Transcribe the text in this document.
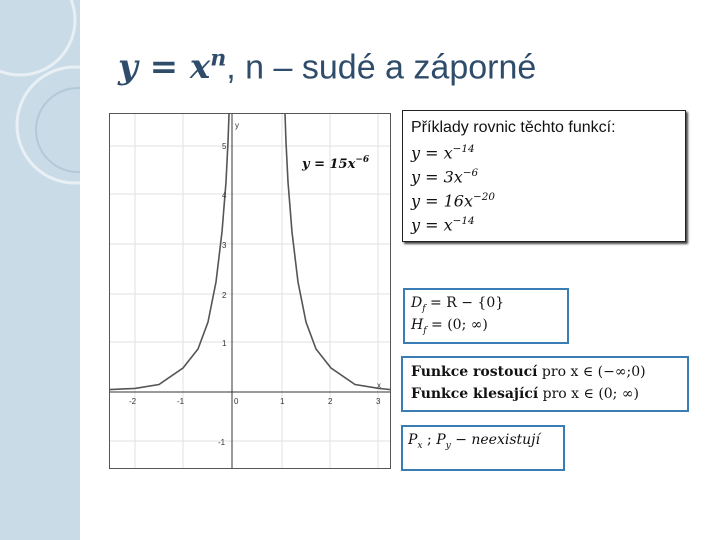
$y = x^n$, n – sudé a záporné
-2	-1	0	1	2	3
5
4
3
2
1
-1
y
x
$y = 15x^{-6}$
Příklady rovnic těchto funkcí:
$y = x^{-14}$
$y = 3x^{-6}$
$y = 16x^{-20}$
$y = x^{-14}$
$D_f = R - \{0\}$
$H_f = (0$; ∞)
Funkce rostoucí pro x ∈ (−∞;0)
Funkce klesající pro x ∈ (0; ∞)
$P_x$ ; $P_y$ − neexistují
